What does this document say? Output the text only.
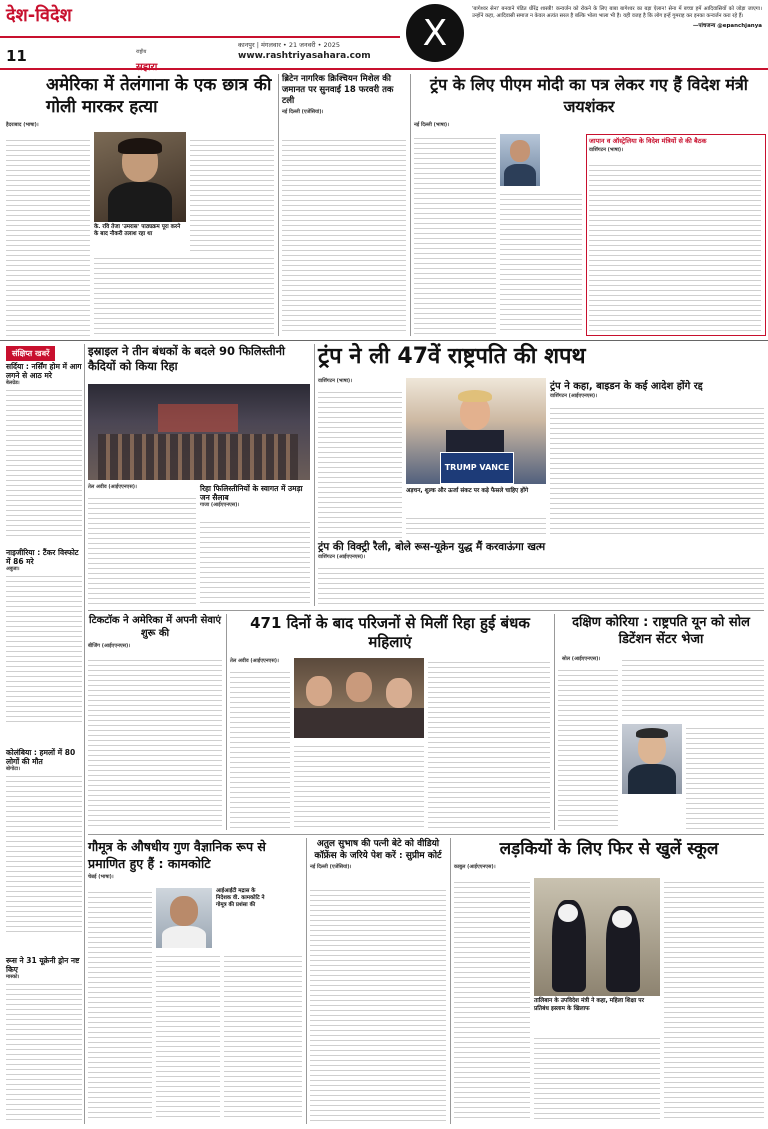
देश-विदेश
11
कानपुर | मंगलवार • 21 जनवरी • 2025
राष्ट्रीय	www.rashtriyasahara.com
X
'बागेश्वर सेना' बनवाने पंडित धीरेंद्र शास्त्री! कन्वर्जन को रोकने के लिए बाबा बागेश्वर का बड़ा ऐलान! सेना में बच्चा हमें आदिवासियों को जोड़ा जाएगा। उन्होंने कहा, आदिवासी समाज न केवल अत्यंत सरल है बल्कि भोला भाला भी है। यही वजह है कि लोग इन्हें गुमराह कर इनका कन्वर्जन करा रहे हैं।
—पांचजन्य @epanchjanya
अमेरिका में तेलंगाना के एक छात्र की गोली मारकर हत्या
हैदराबाद (भाषा)।
के. रवि तेजा 'उमरास' पाठ्यक्रम पूरा करने के बाद नौकरी तलाश रहा था
ब्रिटेन नागरिक क्रिश्चियन मिशेल की जमानत पर सुनवाई 18 फरवरी तक टली
नई दिल्ली (एजेंसियां)।
ट्रंप के लिए पीएम मोदी का पत्र लेकर गए हैं विदेश मंत्री जयशंकर
नई दिल्ली (भाषा)।
जापान व ऑस्ट्रेलिया के विदेश मंत्रियों से की बैठक
वाशिंगटन (भाषा)।
संक्षिप्त खबरें
सर्दिया : नर्सिंग होम में आग लगने से आठ मरे
बेलग्रेड।
नाइजीरिया : टैंकर विस्फोट में 86 मरे
अबुजा।
कोलंबिया : हमलों में 80 लोगों की मौत
बोगोटा।
रूस ने 31 यूक्रेनी ड्रोन नष्ट किए
मास्को।
इस्राइल ने तीन बंधकों के बदले 90 फिलिस्तीनी कैदियों को किया रिहा
तेल अवीव (आईएएनएस)।	रिहा फिलिस्तीनियों के स्वागत में उमड़ा जन सैलाब
गाजा (आईएएनएस)।
ट्रंप ने ली 47वें राष्ट्रपति की शपथ
वाशिंगटन (भाषा)।
TRUMP VANCE
अड़चन, शुल्क और ऊर्जा संकट पर कड़े फैसले चाहिए होंगे
ट्रंप ने कहा, बाइडन के कई आदेश होंगे रद्द
वाशिंगटन (आईएएनएस)।
ट्रंप की विक्ट्री रैली, बोले रूस-यूक्रेन युद्ध मैं करवाऊंगा खत्म
वाशिंगटन (आईएएनएस)।
टिकटॉक ने अमेरिका में अपनी सेवाएं शुरू की
बीजिंग (आईएएनएस)।
471 दिनों के बाद परिजनों से मिलीं रिहा हुई बंधक महिलाएं
तेल अवीव (आईएएनएस)।
दक्षिण कोरिया : राष्ट्रपति यून को सोल डिटेंशन सेंटर भेजा
सोल (आईएएनएस)।
गौमूत्र के औषधीय गुण वैज्ञानिक रूप से प्रमाणित हुए हैं : कामकोटि
चेन्नई (भाषा)।
आईआईटी मद्रास के निदेशक वी. कामकोटि ने गोमूत्र की प्रशंसा की
अतुल सुभाष की पत्नी बेटे को वीडियो कॉफ्रेंस के जरिये पेश करें : सुप्रीम कोर्ट
नई दिल्ली (एजेंसियां)।
लड़कियों के लिए फिर से खुलें स्कूल
काबुल (आईएएनएस)।
तालिबान के उपविदेश मंत्री ने कहा, महिला शिक्षा पर प्रतिबंध इस्लाम के खिलाफ
